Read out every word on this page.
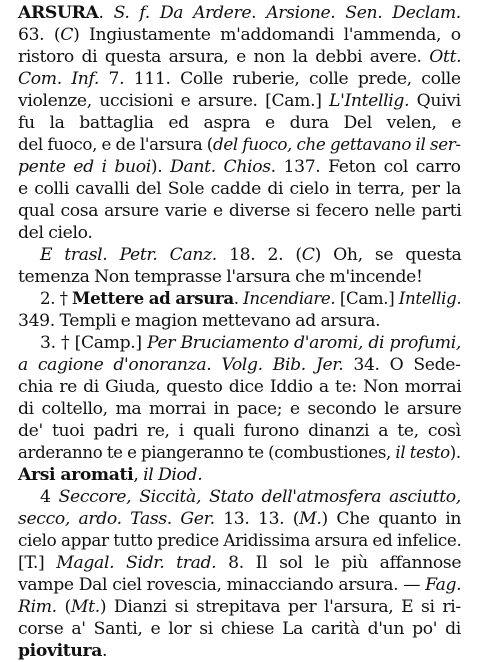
ARSURA. S. f. Da Ardere. Arsione. Sen. Declam.
63. (C) Ingiustamente m'addomandi l'ammenda, o
ristoro di questa arsura, e non la debbi avere. Ott.
Com. Inf. 7. 111. Colle ruberie, colle prede, colle
violenze, uccisioni e arsure. [Cam.] L'Intellig. Quivi
fu la battaglia ed aspra e dura Del velen, e
del fuoco, e de l'arsura (del fuoco, che gettavano il ser-
pente ed i buoi). Dant. Chios. 137. Feton col carro
e colli cavalli del Sole cadde di cielo in terra, per la
qual cosa arsure varie e diverse si fecero nelle parti
del cielo.
E trasl. Petr. Canz. 18. 2. (C) Oh, se questa
temenza Non temprasse l'arsura che m'incende!
2. † Mettere ad arsura. Incendiare. [Cam.] Intellig.
349. Templi e magion mettevano ad arsura.
3. † [Camp.] Per Bruciamento d'aromi, di profumi,
a cagione d'onoranza. Volg. Bib. Jer. 34. O Sede-
chia re di Giuda, questo dice Iddio a te: Non morrai
di coltello, ma morrai in pace; e secondo le arsure
de' tuoi padri re, i quali furono dinanzi a te, così
arderanno te e piangeranno te (combustiones, il testo).
Arsi aromati, il Diod.
4 Seccore, Siccità, Stato dell'atmosfera asciutto,
secco, ardo. Tass. Ger. 13. 13. (M.) Che quanto in
cielo appar tutto predice Aridissima arsura ed infelice.
[T.] Magal. Sidr. trad. 8. Il sol le più affannose
vampe Dal ciel rovescia, minacciando arsura. — Fag.
Rim. (Mt.) Dianzi si strepitava per l'arsura, E si ri-
corse a' Santi, e lor si chiese La carità d'un po' di
piovitura.
